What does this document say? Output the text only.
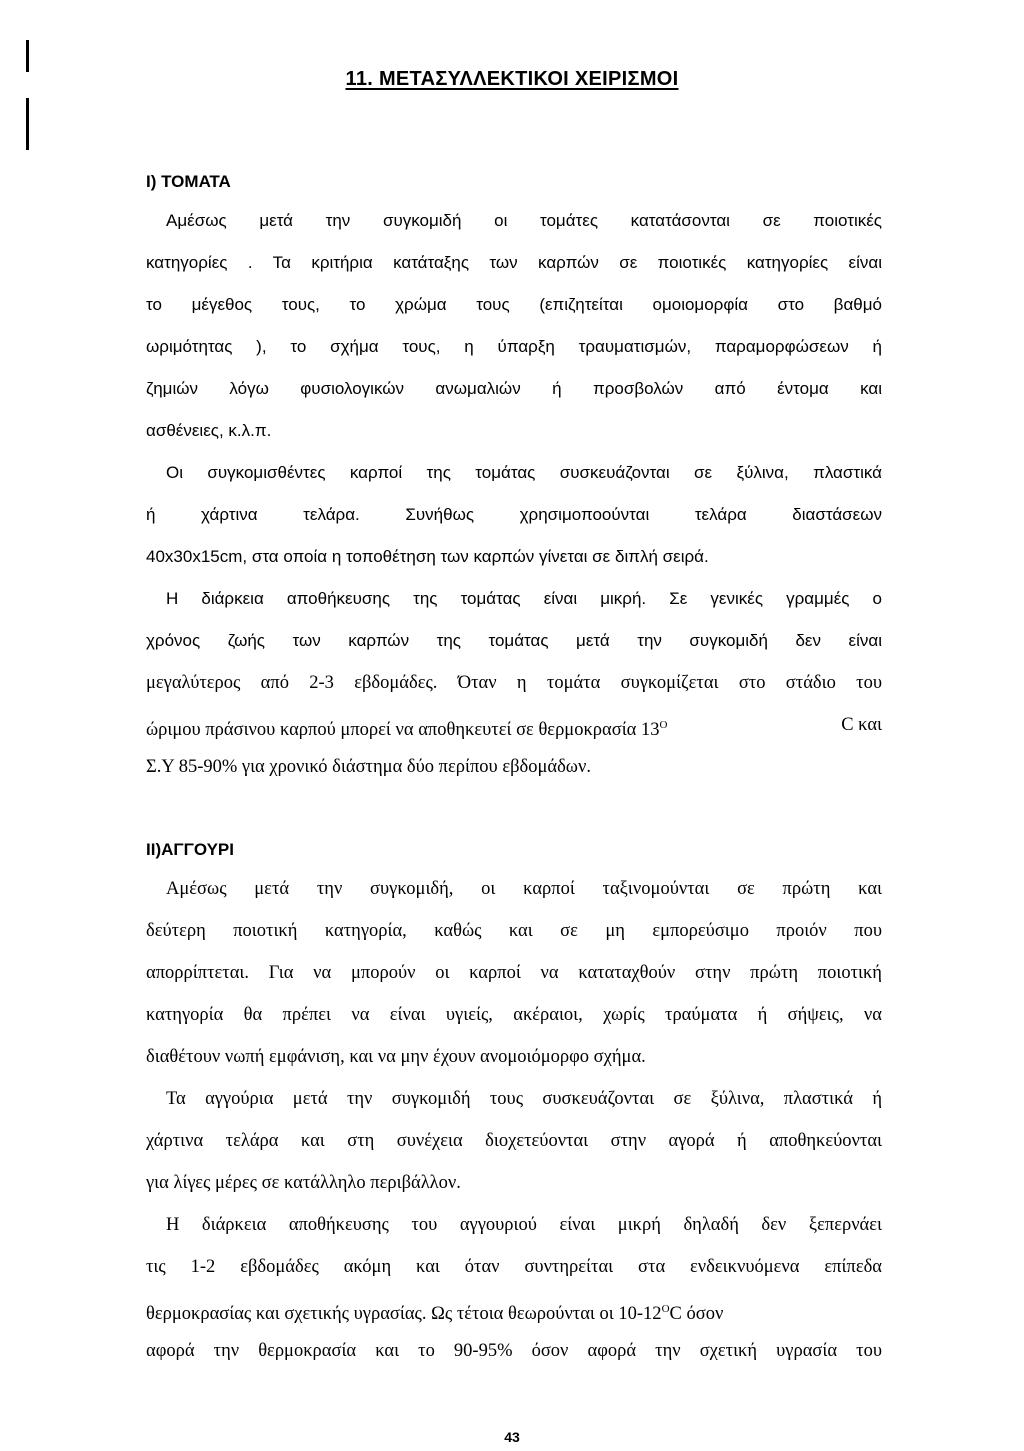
11. ΜΕΤΑΣΥΛΛΕΚΤΙΚΟΙ ΧΕΙΡΙΣΜΟΙ
I) ΤΟΜΑΤΑ
Αμέσως μετά την συγκομιδή οι τομάτες κατατάσονται σε ποιοτικές
κατηγορίες . Τα κριτήρια κατάταξης των καρπών σε ποιοτικές κατηγορίες είναι
το μέγεθος τους, το χρώμα τους (επιζητείται ομοιομορφία στο βαθμό
ωριμότητας ), το σχήμα τους, η ύπαρξη τραυματισμών, παραμορφώσεων ή
ζημιών λόγω φυσιολογικών ανωμαλιών ή προσβολών από έντομα και
ασθένειες, κ.λ.π.
Οι συγκομισθέντες καρποί της τομάτας συσκευάζονται σε ξύλινα, πλαστικά
ή χάρτινα τελάρα. Συνήθως χρησιμοποούνται τελάρα διαστάσεων
40x30x15cm, στα οποία η τοποθέτηση των καρπών γίνεται σε διπλή σειρά.
Η διάρκεια αποθήκευσης της τομάτας είναι μικρή. Σε γενικές γραμμές ο
χρόνος ζωής των καρπών της τομάτας μετά την συγκομιδή δεν είναι
μεγαλύτερος από 2-3 εβδομάδες. Όταν η τομάτα συγκομίζεται στο στάδιο του
ώριμου πράσινου καρπού μπορεί να αποθηκευτεί σε θερμοκρασία $13^O$	C και
Σ.Υ 85-90% για χρονικό διάστημα δύο περίπου εβδομάδων.
II)ΑΓΓΟΥΡΙ
Αμέσως μετά την συγκομιδή, οι καρποί ταξινομούνται σε πρώτη και
δεύτερη ποιοτική κατηγορία, καθώς και σε μη εμπορεύσιμο προιόν που
απορρίπτεται. Για να μπορούν οι καρποί να καταταχθούν στην πρώτη ποιοτική
κατηγορία θα πρέπει να είναι υγιείς, ακέραιοι, χωρίς τραύματα ή σήψεις, να
διαθέτουν νωπή εμφάνιση, και να μην έχουν ανομοιόμορφο σχήμα.
Τα αγγούρια μετά την συγκομιδή τους συσκευάζονται σε ξύλινα, πλαστικά ή
χάρτινα τελάρα και στη συνέχεια διοχετεύονται στην αγορά ή αποθηκεύονται
για λίγες μέρες σε κατάλληλο περιβάλλον.
Η διάρκεια αποθήκευσης του αγγουριού είναι μικρή δηλαδή δεν ξεπερνάει
τις 1-2 εβδομάδες ακόμη και όταν συντηρείται στα ενδεικνυόμενα επίπεδα
θερμοκρασίας και σχετικής υγρασίας. Ως τέτοια θεωρούνται οι $10-12^OC$ όσον
αφορά την θερμοκρασία και το 90-95% όσον αφορά την σχετική υγρασία του
43
